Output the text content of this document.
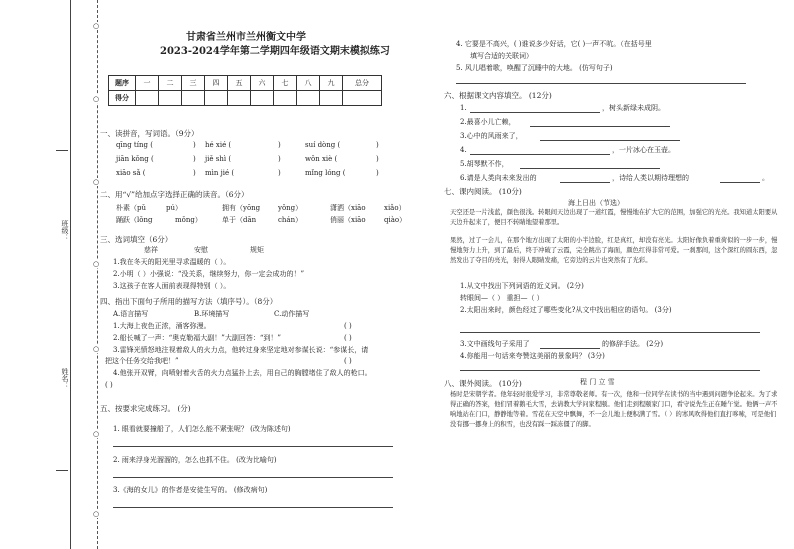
○
○
○
○
○
○
○
班级：
姓名：
甘肃省兰州市兰州衡文中学
2023-2024学年第二学期四年级语文期末模拟练习
题序	一	二	三	四	五	六	七	八	九	总分
得分										
一、读拼音，写词语。（9分）
qīng tíng (	) hé xié (	)	suí dòng (	)
jiān kǒng (	) jiě shì (	)	wǒn xiè (	)
xiāo sǎ (	) mìn jié (	)	mǐng lóng (	)
二、用“√”给加点字选择正确的读音。（6分）
朴素（pǔ	pú）	拥有（yōng	yǒng）	潇洒（xiāo	xiǎo）
踊跃（lǒng	mǒng）	单于（dān	chán）	俏丽（xiāo	qiào）
三、选词填空（6分）
慈祥	安慰	规矩
1.我在冬天的阳光里寻求温暖的（ ）。
2.小明（ ）小强说：“没关系，继续努力，你一定会成功的！”
3.这孩子在客人面前表现得特别（ ）。
四、指出下面句子所用的描写方法（填序号）。（8分）
A.语言描写	B.环境描写	C.动作描写
1.大海上夜色正浓，涌客弥漫。	( )
2.船长喊了一声：“奥克勒福大副！”大副回答：“到！”	( )
3.雷锋光愤怒地注视着敌人的火力点，他转过身来坚定地对参谋长说：“参谋长，请
把这个任务交给我吧！”	( )
4.他张开双臂，向喷射着火舌的火力点猛扑上去，用自己的胸膛堵住了敌人的枪口。
( )
五、按要求完成练习。 (分)
1. 眼看就要撞船了，人们怎么能不紧张呢？ (改为陈述句)
2. 雨来浮身光溜溜的，怎么也抓不住。 (改为比喻句)
3.《海的女儿》的作者是安徒生写的。 (修改病句)
4. 它要是不高兴，( )谁说多少好话，它( )一声不吭。（在括号里
填写合适的关联词）
5. 风儿唱着歌，唤醒了沉睡中的大地。 (仿写句子)
六、根据课文内容填空。 (12分)
1.	，树头新绿未成阴。
2.最喜小儿亡赖，
3.心中的风雨来了，
4.	，一片冰心在玉壶。
5.胡琴默不作，
6.请是人类向未来发出的	，诗给人类以期待理想的	。
七、课内阅读。 (10分)
海上日出（节选）
天空还是一片浅蓝，颜色很浅。转眼间天边出现了一道红霞，慢慢地在扩大它的范围，加强它的光亮。我知道太阳要从天边升起来了，便目不转睛地望着那里。
果然，过了一会儿，在那个地方出现了太阳的小半边脸，红是真红，却没有亮光。太阳好像负着重荷似的一步一步，慢慢地努力上升，到了最后，终于冲破了云霞，完全跳出了海面，颜色红得非常可爱。一刹那间，这个深红的圆东西，忽然发出了夺目的亮光，射得人眼睛发痛，它旁边的云片也突然有了光彩。
1.从文中找出下列词语的近义词。 (2分)
转眼间—（ ） 重担—（ ）
2.太阳出来时，颜色经过了哪些变化?从文中找出相应的语句。 (3分)
3.文中画线句子采用了	的修辞手法。 (2分)
4.你能用一句话来夸赞这美丽的景象吗？ (3分)
八、课外阅读。 (10分)	程 门 立 雪
杨时是宋朝学者。他年轻时很爱学习，非常尊敬老师。有一次，他和一位同学在读书的当中遇到问题争论起来。为了求得正确的答案，他们冒着鹅毛大雪，去请教大学问家程颐。他们走到程颐家门口，看守说先生正在睡午觉。他俩一声不响地站在门口，静静地等着。雪花在天空中飘舞，不一会儿地上便积满了雪。（ ）的寒风吹得他们直打哆嗦，可是他们没有挪一挪身上的积雪，也没有踩一踩冻僵了的脚。
